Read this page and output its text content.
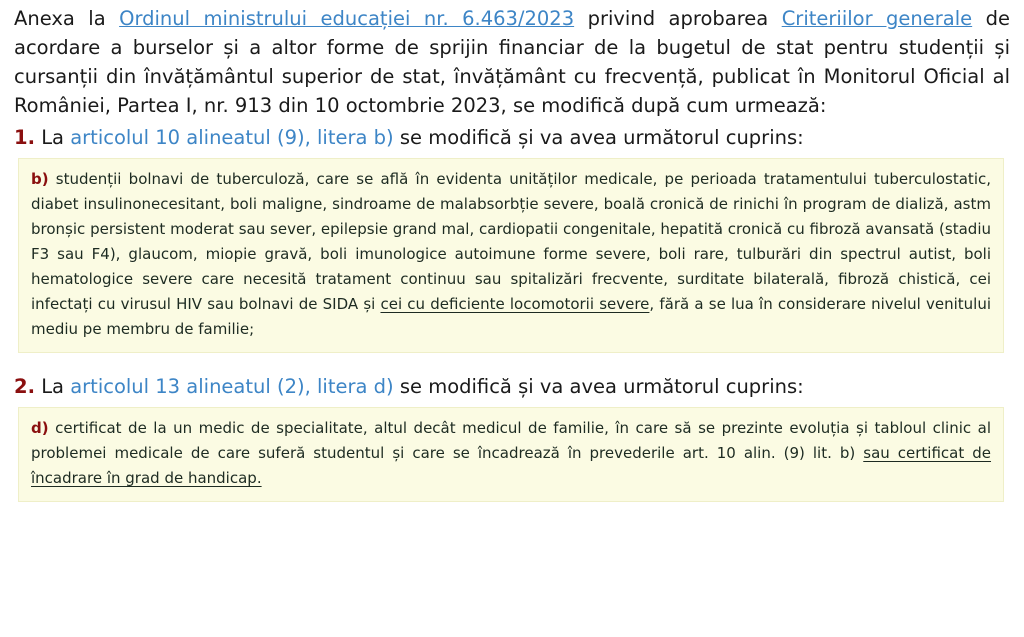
Anexa la Ordinul ministrului educației nr. 6.463/2023 privind aprobarea Criteriilor generale de acordare a burselor și a altor forme de sprijin financiar de la bugetul de stat pentru studenții și cursanții din învățământul superior de stat, învățământ cu frecvență, publicat în Monitorul Oficial al României, Partea I, nr. 913 din 10 octombrie 2023, se modifică după cum urmează:

1. La articolul 10 alineatul (9), litera b) se modifică și va avea următorul cuprins:

b) studenții bolnavi de tuberculoză, care se află în evidenta unităților medicale, pe perioada tratamentului tuberculostatic, diabet insulinonecesitant, boli maligne, sindroame de malabsorbție severe, boală cronică de rinichi în program de dializă, astm bronșic persistent moderat sau sever, epilepsie grand mal, cardiopatii congenitale, hepatită cronică cu fibroză avansată (stadiu F3 sau F4), glaucom, miopie gravă, boli imunologice autoimune forme severe, boli rare, tulburări din spectrul autist, boli hematologice severe care necesită tratament continuu sau spitalizări frecvente, surditate bilaterală, fibroză chistică, cei infectați cu virusul HIV sau bolnavi de SIDA și cei cu deficiente locomotorii severe, fără a se lua în considerare nivelul venitului mediu pe membru de familie;

2. La articolul 13 alineatul (2), litera d) se modifică și va avea următorul cuprins:

d) certificat de la un medic de specialitate, altul decât medicul de familie, în care să se prezinte evoluția și tabloul clinic al problemei medicale de care suferă studentul și care se încadrează în prevederile art. 10 alin. (9) lit. b) sau certificat de încadrare în grad de handicap.
